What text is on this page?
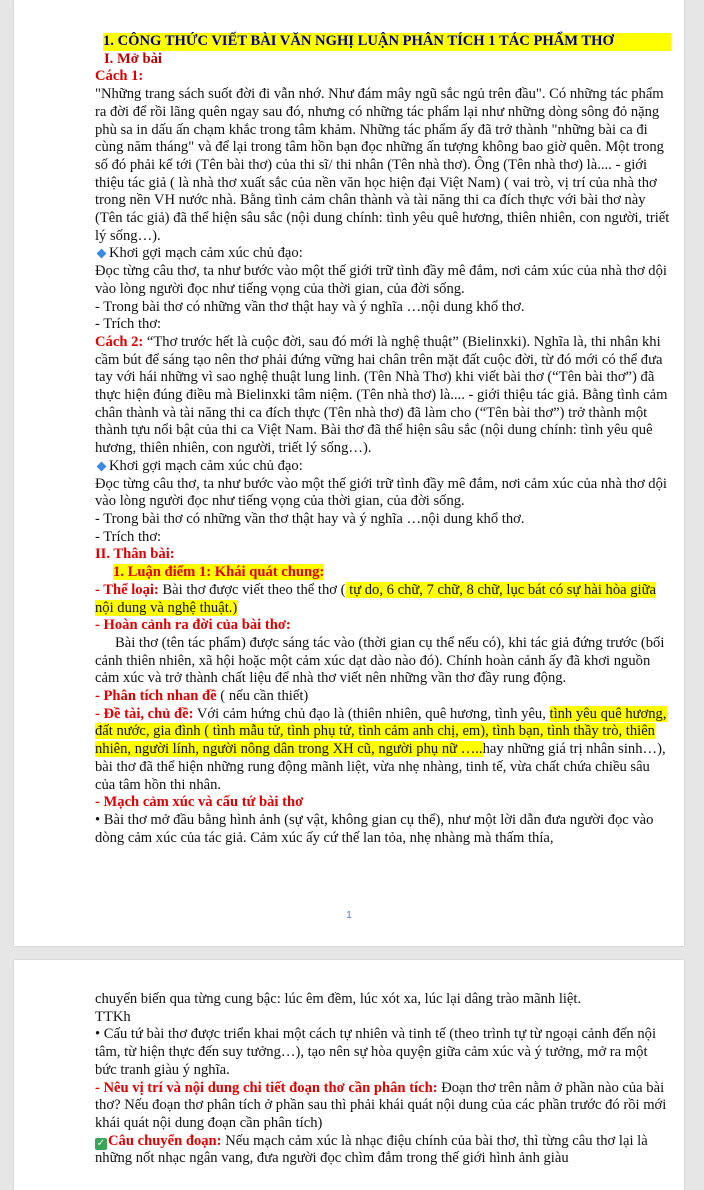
1. CÔNG THỨC VIẾT BÀI VĂN NGHỊ LUẬN PHÂN TÍCH 1 TÁC PHẨM THƠ

I. Mở bài

Cách 1:

"Những trang sách suốt đời đi vẫn nhớ. Như đám mây ngũ sắc ngủ trên đầu". Có những tác phẩm ra đời để rồi lãng quên ngay sau đó, nhưng có những tác phẩm lại như những dòng sông đỏ nặng phù sa in dấu ấn chạm khắc trong tâm khảm. Những tác phẩm ấy đã trở thành "những bài ca đi cùng năm tháng" và để lại trong tâm hồn bạn đọc những ấn tượng không bao giờ quên. Một trong số đó phải kể tới (Tên bài thơ) của thi sĩ/ thi nhân (Tên nhà thơ). Ông (Tên nhà thơ) là.... - giới thiệu tác giả ( là nhà thơ xuất sắc của nền văn học hiện đại Việt Nam) ( vai trò, vị trí của nhà thơ trong nền VH nước nhà. Bằng tình cảm chân thành và tài năng thi ca đích thực với bài thơ này (Tên tác giả) đã thể hiện sâu sắc (nội dung chính: tình yêu quê hương, thiên nhiên, con người, triết lý sống…).

Khơi gợi mạch cảm xúc chủ đạo:

Đọc từng câu thơ, ta như bước vào một thế giới trữ tình đầy mê đắm, nơi cảm xúc của nhà thơ dội vào lòng người đọc như tiếng vọng của thời gian, của đời sống.

- Trong bài thơ có những vần thơ thật hay và ý nghĩa …nội dung khổ thơ.

- Trích thơ:

Cách 2: “Thơ trước hết là cuộc đời, sau đó mới là nghệ thuật” (Bielinxki). Nghĩa là, thi nhân khi cầm bút để sáng tạo nên thơ phải đứng vững hai chân trên mặt đất cuộc đời, từ đó mới có thể đưa tay với hái những vì sao nghệ thuật lung linh. (Tên Nhà Thơ) khi viết bài thơ (“Tên bài thơ”) đã thực hiện đúng điều mà Bielinxki tâm niệm. (Tên nhà thơ) là.... - giới thiệu tác giả. Bằng tình cảm chân thành và tài năng thi ca đích thực (Tên nhà thơ) đã làm cho (“Tên bài thơ”) trở thành một thành tựu nổi bật của thi ca Việt Nam. Bài thơ đã thể hiện sâu sắc (nội dung chính: tình yêu quê hương, thiên nhiên, con người, triết lý sống…).

Khơi gợi mạch cảm xúc chủ đạo:

Đọc từng câu thơ, ta như bước vào một thế giới trữ tình đầy mê đắm, nơi cảm xúc của nhà thơ dội vào lòng người đọc như tiếng vọng của thời gian, của đời sống.

- Trong bài thơ có những vần thơ thật hay và ý nghĩa …nội dung khổ thơ.

- Trích thơ:

II. Thân bài:

1. Luận điểm 1: Khái quát chung:

- Thể loại: Bài thơ được viết theo thể thơ ( tự do, 6 chữ, 7 chữ, 8 chữ, lục bát có sự hài hòa giữa nội dung và nghệ thuật.)

- Hoàn cảnh ra đời của bài thơ:

Bài thơ (tên tác phẩm) được sáng tác vào (thời gian cụ thể nếu có), khi tác giả đứng trước (bối cảnh thiên nhiên, xã hội hoặc một cảm xúc dạt dào nào đó). Chính hoàn cảnh ấy đã khơi nguồn cảm xúc và trở thành chất liệu để nhà thơ viết nên những vần thơ đầy rung động.

- Phân tích nhan đề ( nếu cần thiết)

- Đề tài, chủ đề: Với cảm hứng chủ đạo là (thiên nhiên, quê hương, tình yêu, tình yêu quê hương, đất nước, gia đình ( tình mẫu tử, tình phụ tử, tình cảm anh chị, em), tình bạn, tình thầy trò, thiên nhiên, người lính, người nông dân trong XH cũ, người phụ nữ …..hay những giá trị nhân sinh…), bài thơ đã thể hiện những rung động mãnh liệt, vừa nhẹ nhàng, tinh tế, vừa chất chứa chiều sâu của tâm hồn thi nhân.

- Mạch cảm xúc và cấu tứ bài thơ

• Bài thơ mở đầu bằng hình ảnh (sự vật, không gian cụ thể), như một lời dẫn đưa người đọc vào dòng cảm xúc của tác giả. Cảm xúc ấy cứ thế lan tỏa, nhẹ nhàng mà thấm thía,

1

chuyển biến qua từng cung bậc: lúc êm đềm, lúc xót xa, lúc lại dâng trào mãnh liệt.

TTKh

• Cấu tứ bài thơ được triển khai một cách tự nhiên và tinh tế (theo trình tự từ ngoại cảnh đến nội tâm, từ hiện thực đến suy tưởng…), tạo nên sự hòa quyện giữa cảm xúc và ý tưởng, mở ra một bức tranh giàu ý nghĩa.

- Nêu vị trí và nội dung chi tiết đoạn thơ cần phân tích: Đoạn thơ trên nằm ở phần nào của bài thơ? Nếu đoạn thơ phân tích ở phần sau thì phải khái quát nội dung của các phần trước đó rồi mới khái quát nội dung đoạn cần phân tích)

✓ Câu chuyển đoạn: Nếu mạch cảm xúc là nhạc điệu chính của bài thơ, thì từng câu thơ lại là những nốt nhạc ngân vang, đưa người đọc chìm đắm trong thế giới hình ảnh giàu
